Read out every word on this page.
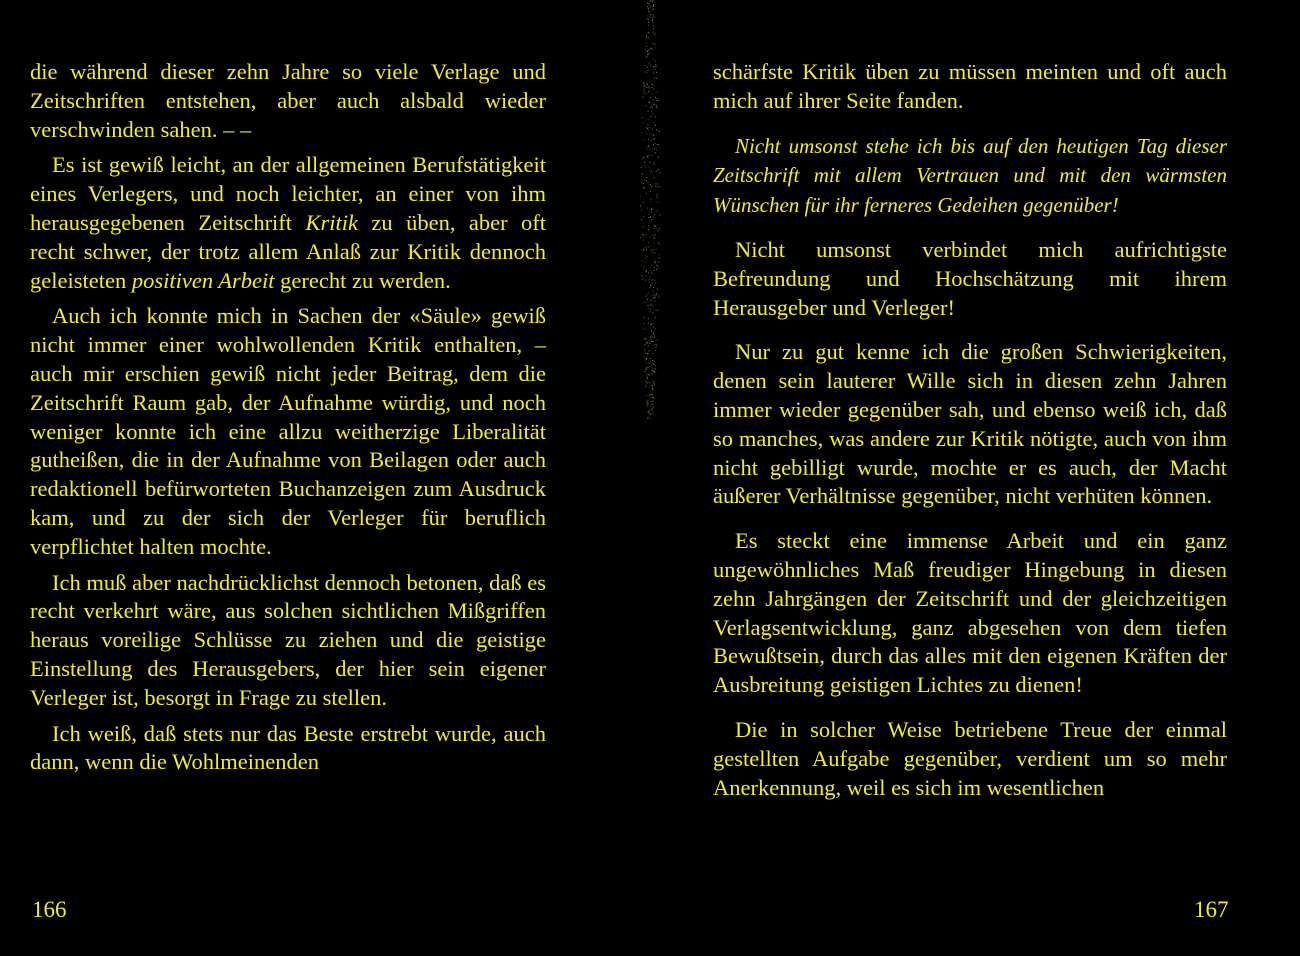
die während dieser zehn Jahre so viele Verlage und Zeitschriften entstehen, aber auch alsbald wieder verschwinden sahen. – –

Es ist gewiß leicht, an der allgemeinen Berufstätigkeit eines Verlegers, und noch leichter, an einer von ihm herausgegebenen Zeitschrift Kritik zu üben, aber oft recht schwer, der trotz allem Anlaß zur Kritik dennoch geleisteten positiven Arbeit gerecht zu werden.

Auch ich konnte mich in Sachen der «Säule» gewiß nicht immer einer wohlwollenden Kritik enthalten, – auch mir erschien gewiß nicht jeder Beitrag, dem die Zeitschrift Raum gab, der Aufnahme würdig, und noch weniger konnte ich eine allzu weitherzige Liberalität gutheißen, die in der Aufnahme von Beilagen oder auch redaktionell befürworteten Buchanzeigen zum Ausdruck kam, und zu der sich der Verleger für beruflich verpflichtet halten mochte.

Ich muß aber nachdrücklichst dennoch betonen, daß es recht verkehrt wäre, aus solchen sichtlichen Mißgriffen heraus voreilige Schlüsse zu ziehen und die geistige Einstellung des Herausgebers, der hier sein eigener Verleger ist, besorgt in Frage zu stellen.

Ich weiß, daß stets nur das Beste erstrebt wurde, auch dann, wenn die Wohlmeinenden

166

schärfste Kritik üben zu müssen meinten und oft auch mich auf ihrer Seite fanden.

Nicht umsonst stehe ich bis auf den heutigen Tag dieser Zeitschrift mit allem Vertrauen und mit den wärmsten Wünschen für ihr ferneres Gedeihen gegenüber!

Nicht umsonst verbindet mich aufrichtigste Befreundung und Hochschätzung mit ihrem Herausgeber und Verleger!

Nur zu gut kenne ich die großen Schwierigkeiten, denen sein lauterer Wille sich in diesen zehn Jahren immer wieder gegenüber sah, und ebenso weiß ich, daß so manches, was andere zur Kritik nötigte, auch von ihm nicht gebilligt wurde, mochte er es auch, der Macht äußerer Verhältnisse gegenüber, nicht verhüten können.

Es steckt eine immense Arbeit und ein ganz ungewöhnliches Maß freudiger Hingebung in diesen zehn Jahrgängen der Zeitschrift und der gleichzeitigen Verlagsentwicklung, ganz abgesehen von dem tiefen Bewußtsein, durch das alles mit den eigenen Kräften der Ausbreitung geistigen Lichtes zu dienen!

Die in solcher Weise betriebene Treue der einmal gestellten Aufgabe gegenüber, verdient um so mehr Anerkennung, weil es sich im wesentlichen

167
